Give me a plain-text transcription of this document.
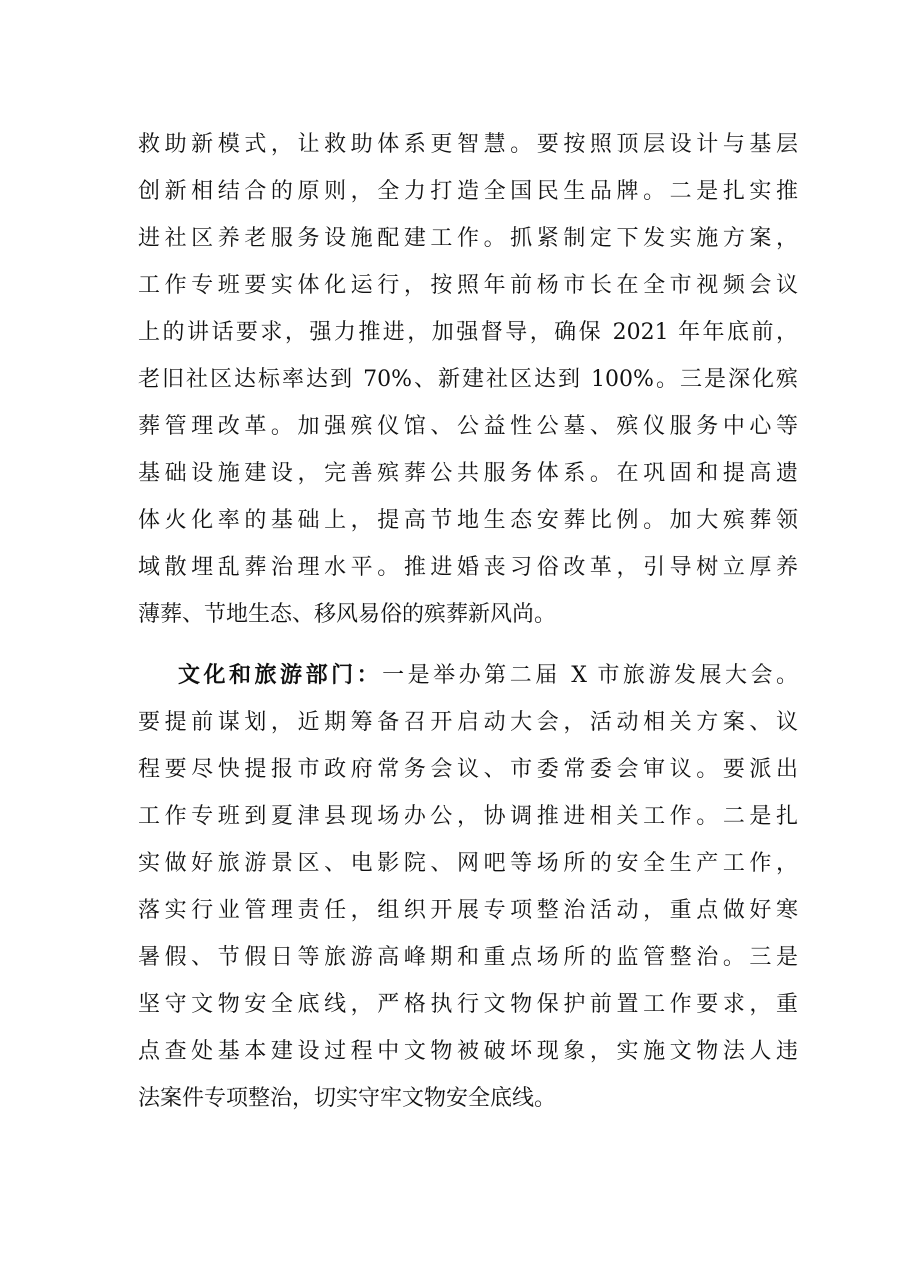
救助新模式，让救助体系更智慧。要按照顶层设计与基层
创新相结合的原则，全力打造全国民生品牌。二是扎实推
进社区养老服务设施配建工作。抓紧制定下发实施方案，
工作专班要实体化运行，按照年前杨市长在全市视频会议
上的讲话要求，强力推进，加强督导，确保 2021 年年底前，
老旧社区达标率达到 70%、新建社区达到 100%。三是深化殡
葬管理改革。加强殡仪馆、公益性公墓、殡仪服务中心等
基础设施建设，完善殡葬公共服务体系。在巩固和提高遗
体火化率的基础上，提高节地生态安葬比例。加大殡葬领
域散埋乱葬治理水平。推进婚丧习俗改革，引导树立厚养
薄葬、节地生态、移风易俗的殡葬新风尚。
文化和旅游部门：一是举办第二届 X 市旅游发展大会。
要提前谋划，近期筹备召开启动大会，活动相关方案、议
程要尽快提报市政府常务会议、市委常委会审议。要派出
工作专班到夏津县现场办公，协调推进相关工作。二是扎
实做好旅游景区、电影院、网吧等场所的安全生产工作，
落实行业管理责任，组织开展专项整治活动，重点做好寒
暑假、节假日等旅游高峰期和重点场所的监管整治。三是
坚守文物安全底线，严格执行文物保护前置工作要求，重
点查处基本建设过程中文物被破坏现象，实施文物法人违
法案件专项整治，切实守牢文物安全底线。
